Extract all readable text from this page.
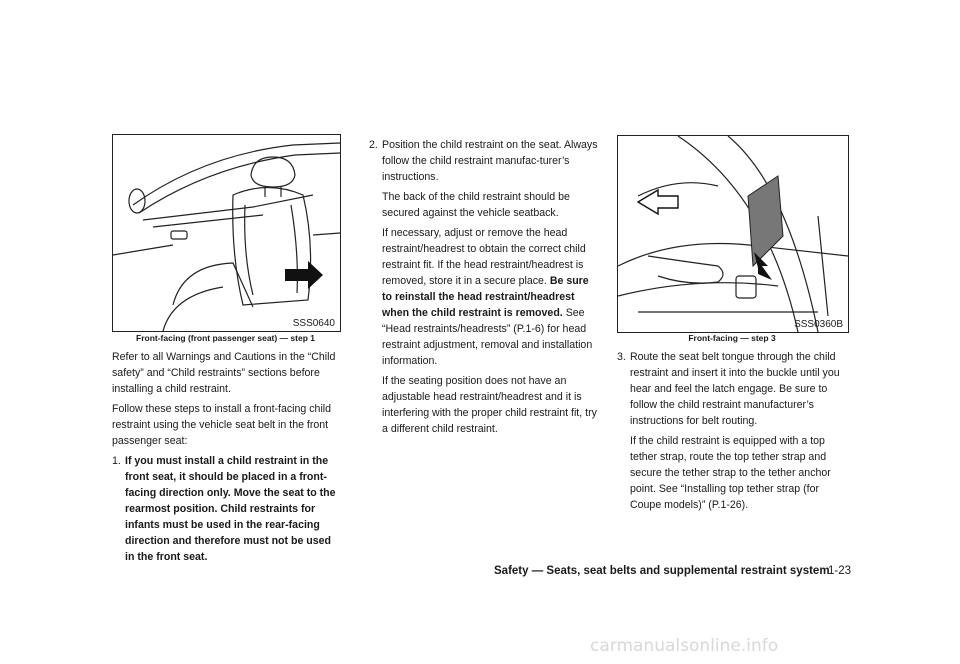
SSS0640
Front-facing (front passenger seat) — step 1

Refer to all Warnings and Cautions in the “Child safety” and “Child restraints” sections before installing a child restraint.

Follow these steps to install a front-facing child restraint using the vehicle seat belt in the front passenger seat:

1. If you must install a child restraint in the front seat, it should be placed in a front-facing direction only. Move the seat to the rearmost position. Child restraints for infants must be used in the rear-facing direction and therefore must not be used in the front seat.
2. Position the child restraint on the seat. Always follow the child restraint manufac-turer’s instructions.

The back of the child restraint should be secured against the vehicle seatback.

If necessary, adjust or remove the head restraint/headrest to obtain the correct child restraint fit. If the head restraint/headrest is removed, store it in a secure place. Be sure to reinstall the head restraint/headrest when the child restraint is removed. See “Head restraints/headrests” (P.1-6) for head restraint adjustment, removal and installation information.

If the seating position does not have an adjustable head restraint/headrest and it is interfering with the proper child restraint fit, try a different child restraint.

SSS0360B
Front-facing — step 3
3. Route the seat belt tongue through the child restraint and insert it into the buckle until you hear and feel the latch engage. Be sure to follow the child restraint manufacturer’s instructions for belt routing.

If the child restraint is equipped with a top tether strap, route the top tether strap and secure the tether strap to the tether anchor point. See “Installing top tether strap (for Coupe models)” (P.1-26).

Safety — Seats, seat belts and supplemental restraint system
1-23
carmanualsonline.info
